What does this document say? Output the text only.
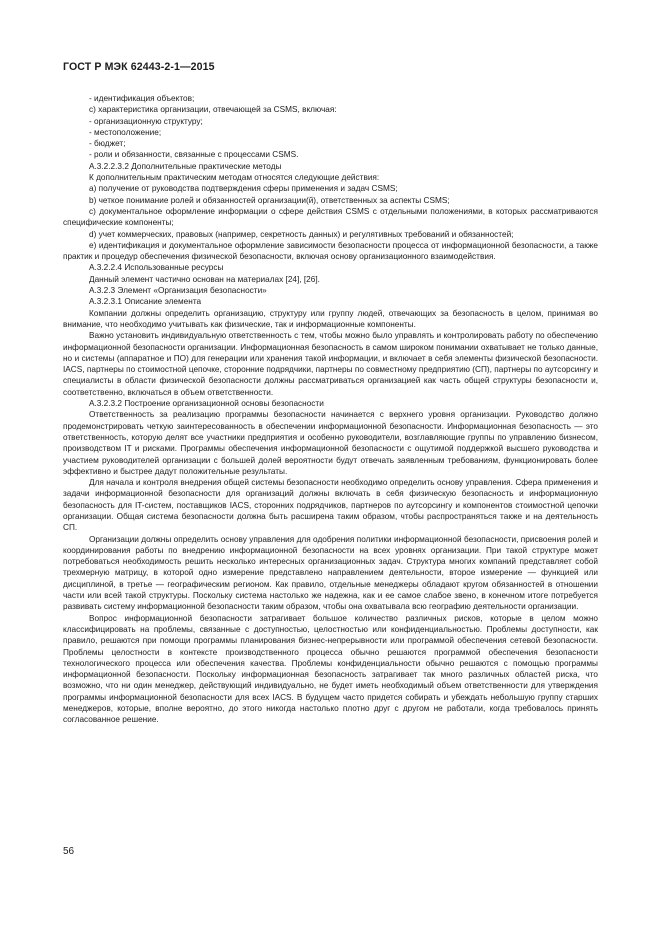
ГОСТ Р МЭК 62443-2-1—2015

- идентификация объектов;

c) характеристика организации, отвечающей за CSMS, включая:

- организационную структуру;

- местоположение;

- бюджет;

- роли и обязанности, связанные с процессами CSMS.

A.3.2.2.3.2 Дополнительные практические методы

К дополнительным практическим методам относятся следующие действия:

a) получение от руководства подтверждения сферы применения и задач CSMS;

b) четкое понимание ролей и обязанностей организации(й), ответственных за аспекты CSMS;

c) документальное оформление информации о сфере действия CSMS с отдельными положениями, в которых рассматриваются специфические компоненты;

d) учет коммерческих, правовых (например, секретность данных) и регулятивных требований и обязанностей;

e) идентификация и документальное оформление зависимости безопасности процесса от информационной безопасности, а также практик и процедур обеспечения физической безопасности, включая основу организационного взаимодействия.

A.3.2.2.4 Использованные ресурсы

Данный элемент частично основан на материалах [24], [26].

A.3.2.3 Элемент «Организация безопасности»

A.3.2.3.1 Описание элемента

Компании должны определить организацию, структуру или группу людей, отвечающих за безопасность в целом, принимая во внимание, что необходимо учитывать как физические, так и информационные компоненты.

Важно установить индивидуальную ответственность с тем, чтобы можно было управлять и контролировать работу по обеспечению информационной безопасности организации. Информационная безопасность в самом широком понимании охватывает не только данные, но и системы (аппаратное и ПО) для генерации или хранения такой информации, и включает в себя элементы физической безопасности. IACS, партнеры по стоимостной цепочке, сторонние подрядчики, партнеры по совместному предприятию (СП), партнеры по аутсорсингу и специалисты в области физической безопасности должны рассматриваться организацией как часть общей структуры безопасности и, соответственно, включаться в объем ответственности.

A.3.2.3.2 Построение организационной основы безопасности

Ответственность за реализацию программы безопасности начинается с верхнего уровня организации. Руководство должно продемонстрировать четкую заинтересованность в обеспечении информационной безопасности. Информационная безопасность — это ответственность, которую делят все участники предприятия и особенно руководители, возглавляющие группы по управлению бизнесом, производством IT и рисками. Программы обеспечения информационной безопасности с ощутимой поддержкой высшего руководства и участием руководителей организации с большей долей вероятности будут отвечать заявленным требованиям, функционировать более эффективно и быстрее дадут положительные результаты.

Для начала и контроля внедрения общей системы безопасности необходимо определить основу управления. Сфера применения и задачи информационной безопасности для организаций должны включать в себя физическую безопасность и информационную безопасность для IT-систем, поставщиков IACS, сторонних подрядчиков, партнеров по аутсорсингу и компонентов стоимостной цепочки организации. Общая система безопасности должна быть расширена таким образом, чтобы распространяться также и на деятельность СП.

Организации должны определить основу управления для одобрения политики информационной безопасности, присвоения ролей и координирования работы по внедрению информационной безопасности на всех уровнях организации. При такой структуре может потребоваться необходимость решить несколько интересных организационных задач. Структура многих компаний представляет собой трехмерную матрицу, в которой одно измерение представлено направлением деятельности, второе измерение — функцией или дисциплиной, в третье — географическим регионом. Как правило, отдельные менеджеры обладают кругом обязанностей в отношении части или всей такой структуры. Поскольку система настолько же надежна, как и ее самое слабое звено, в конечном итоге потребуется развивать систему информационной безопасности таким образом, чтобы она охватывала всю географию деятельности организации.

Вопрос информационной безопасности затрагивает большое количество различных рисков, которые в целом можно классифицировать на проблемы, связанные с доступностью, целостностью или конфиденциальностью. Проблемы доступности, как правило, решаются при помощи программы планирования бизнес-непрерывности или программой обеспечения сетевой безопасности. Проблемы целостности в контексте производственного процесса обычно решаются программой обеспечения безопасности технологического процесса или обеспечения качества. Проблемы конфиденциальности обычно решаются с помощью программы информационной безопасности. Поскольку информационная безопасность затрагивает так много различных областей риска, что возможно, что ни один менеджер, действующий индивидуально, не будет иметь необходимый объем ответственности для утверждения программы информационной безопасности для всех IACS. В будущем часто придется собирать и убеждать небольшую группу старших менеджеров, которые, вполне вероятно, до этого никогда настолько плотно друг с другом не работали, когда требовалось принять согласованное решение.

56
